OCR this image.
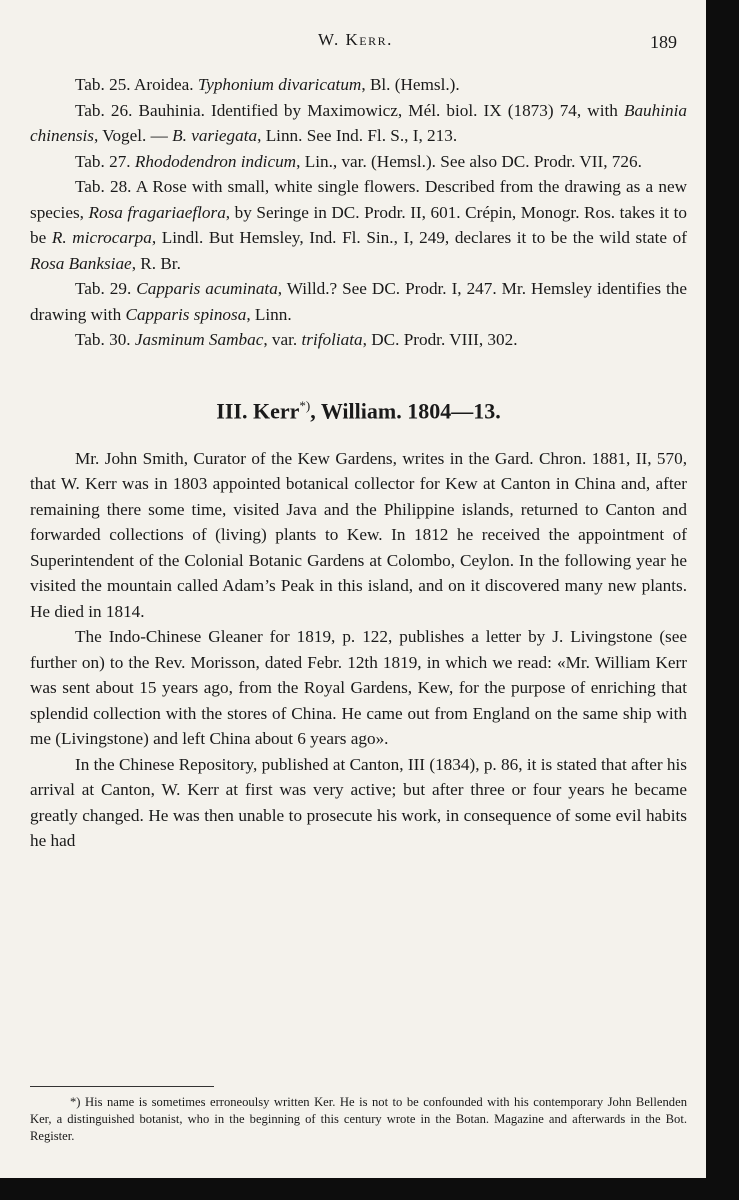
W. Kerr.	189

Tab. 25. Aroidea. Typhonium divaricatum, Bl. (Hemsl.).

Tab. 26. Bauhinia. Identified by Maximowicz, Mél. biol. IX (1873) 74, with Bauhinia chinensis, Vogel. — B. variegata, Linn. See Ind. Fl. S., I, 213.

Tab. 27. Rhododendron indicum, Lin., var. (Hemsl.). See also DC. Prodr. VII, 726.

Tab. 28. A Rose with small, white single flowers. Described from the drawing as a new species, Rosa fragariaeflora, by Seringe in DC. Prodr. II, 601. Crépin, Monogr. Ros. takes it to be R. microcarpa, Lindl. But Hemsley, Ind. Fl. Sin., I, 249, declares it to be the wild state of Rosa Banksiae, R. Br.

Tab. 29. Capparis acuminata, Willd.? See DC. Prodr. I, 247. Mr. Hemsley identifies the drawing with Capparis spinosa, Linn.

Tab. 30. Jasminum Sambac, var. trifoliata, DC. Prodr. VIII, 302.

III. Kerr*), William. 1804—13.

Mr. John Smith, Curator of the Kew Gardens, writes in the Gard. Chron. 1881, II, 570, that W. Kerr was in 1803 appointed botanical collector for Kew at Canton in China and, after remaining there some time, visited Java and the Philippine islands, returned to Canton and forwarded collections of (living) plants to Kew. In 1812 he received the appointment of Superintendent of the Colonial Botanic Gardens at Colombo, Ceylon. In the following year he visited the mountain called Adam’s Peak in this island, and on it discovered many new plants. He died in 1814.

The Indo-Chinese Gleaner for 1819, p. 122, publishes a letter by J. Livingstone (see further on) to the Rev. Morisson, dated Febr. 12th 1819, in which we read: «Mr. William Kerr was sent about 15 years ago, from the Royal Gardens, Kew, for the purpose of enriching that splendid collection with the stores of China. He came out from England on the same ship with me (Livingstone) and left China about 6 years ago».

In the Chinese Repository, published at Canton, III (1834), p. 86, it is stated that after his arrival at Canton, W. Kerr at first was very active; but after three or four years he became greatly changed. He was then unable to prosecute his work, in consequence of some evil habits he had

*) His name is sometimes erroneoulsy written Ker. He is not to be confounded with his contemporary John Bellenden Ker, a distinguished botanist, who in the beginning of this century wrote in the Botan. Magazine and afterwards in the Bot. Register.
